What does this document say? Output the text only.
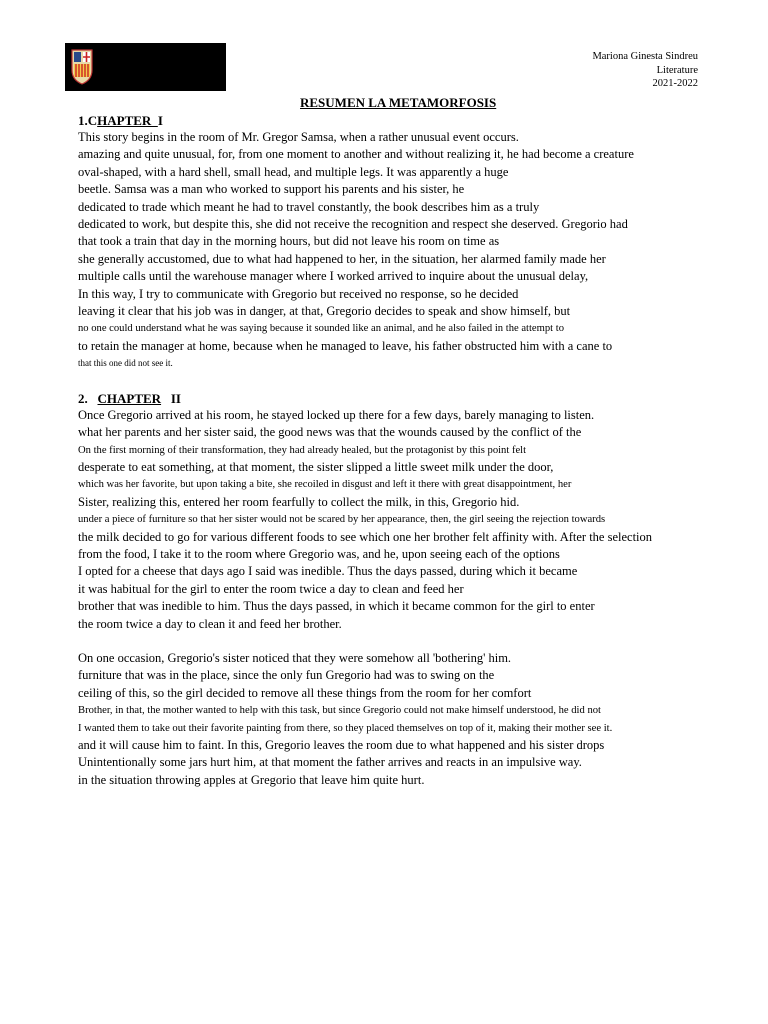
Mariona Ginesta Sindreu
Literature
2021-2022
RESUMEN LA METAMORFOSIS
1.CHAPTER  I
This story begins in the room of Mr. Gregor Samsa, when a rather unusual event occurs.
amazing and quite unusual, for, from one moment to another and without realizing it, he had become a creature
oval-shaped, with a hard shell, small head, and multiple legs. It was apparently a huge
beetle. Samsa was a man who worked to support his parents and his sister, he
dedicated to trade which meant he had to travel constantly, the book describes him as a truly
dedicated to work, but despite this, she did not receive the recognition and respect she deserved. Gregorio had
that took a train that day in the morning hours, but did not leave his room on time as
she generally accustomed, due to what had happened to her, in the situation, her alarmed family made her
multiple calls until the warehouse manager where I worked arrived to inquire about the unusual delay,
In this way, I try to communicate with Gregorio but received no response, so he decided
leaving it clear that his job was in danger, at that, Gregorio decides to speak and show himself, but
no one could understand what he was saying because it sounded like an animal, and he also failed in the attempt to
to retain the manager at home, because when he managed to leave, his father obstructed him with a cane to
that this one did not see it.
2.   CHAPTER   II
Once Gregorio arrived at his room, he stayed locked up there for a few days, barely managing to listen.
what her parents and her sister said, the good news was that the wounds caused by the conflict of the
On the first morning of their transformation, they had already healed, but the protagonist by this point felt
desperate to eat something, at that moment, the sister slipped a little sweet milk under the door,
which was her favorite, but upon taking a bite, she recoiled in disgust and left it there with great disappointment, her
Sister, realizing this, entered her room fearfully to collect the milk, in this, Gregorio hid.
under a piece of furniture so that her sister would not be scared by her appearance, then, the girl seeing the rejection towards
the milk decided to go for various different foods to see which one her brother felt affinity with. After the selection
from the food, I take it to the room where Gregorio was, and he, upon seeing each of the options
I opted for a cheese that days ago I said was inedible. Thus the days passed, during which it became
it was habitual for the girl to enter the room twice a day to clean and feed her
brother that was inedible to him. Thus the days passed, in which it became common for the girl to enter
the room twice a day to clean it and feed her brother.
On one occasion, Gregorio's sister noticed that they were somehow all 'bothering' him.
furniture that was in the place, since the only fun Gregorio had was to swing on the
ceiling of this, so the girl decided to remove all these things from the room for her comfort
Brother, in that, the mother wanted to help with this task, but since Gregorio could not make himself understood, he did not
I wanted them to take out their favorite painting from there, so they placed themselves on top of it, making their mother see it.
and it will cause him to faint. In this, Gregorio leaves the room due to what happened and his sister drops
Unintentionally some jars hurt him, at that moment the father arrives and reacts in an impulsive way.
in the situation throwing apples at Gregorio that leave him quite hurt.
